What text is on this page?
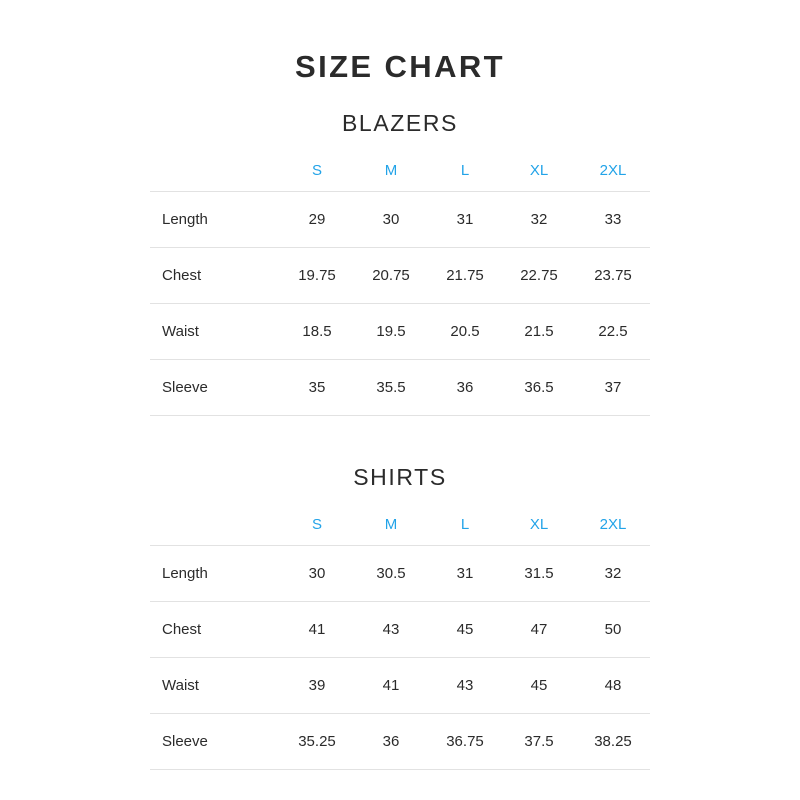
SIZE CHART
BLAZERS
	S	M	L	XL	2XL
Length	29	30	31	32	33
Chest	19.75	20.75	21.75	22.75	23.75
Waist	18.5	19.5	20.5	21.5	22.5
Sleeve	35	35.5	36	36.5	37
SHIRTS
	S	M	L	XL	2XL
Length	30	30.5	31	31.5	32
Chest	41	43	45	47	50
Waist	39	41	43	45	48
Sleeve	35.25	36	36.75	37.5	38.25
